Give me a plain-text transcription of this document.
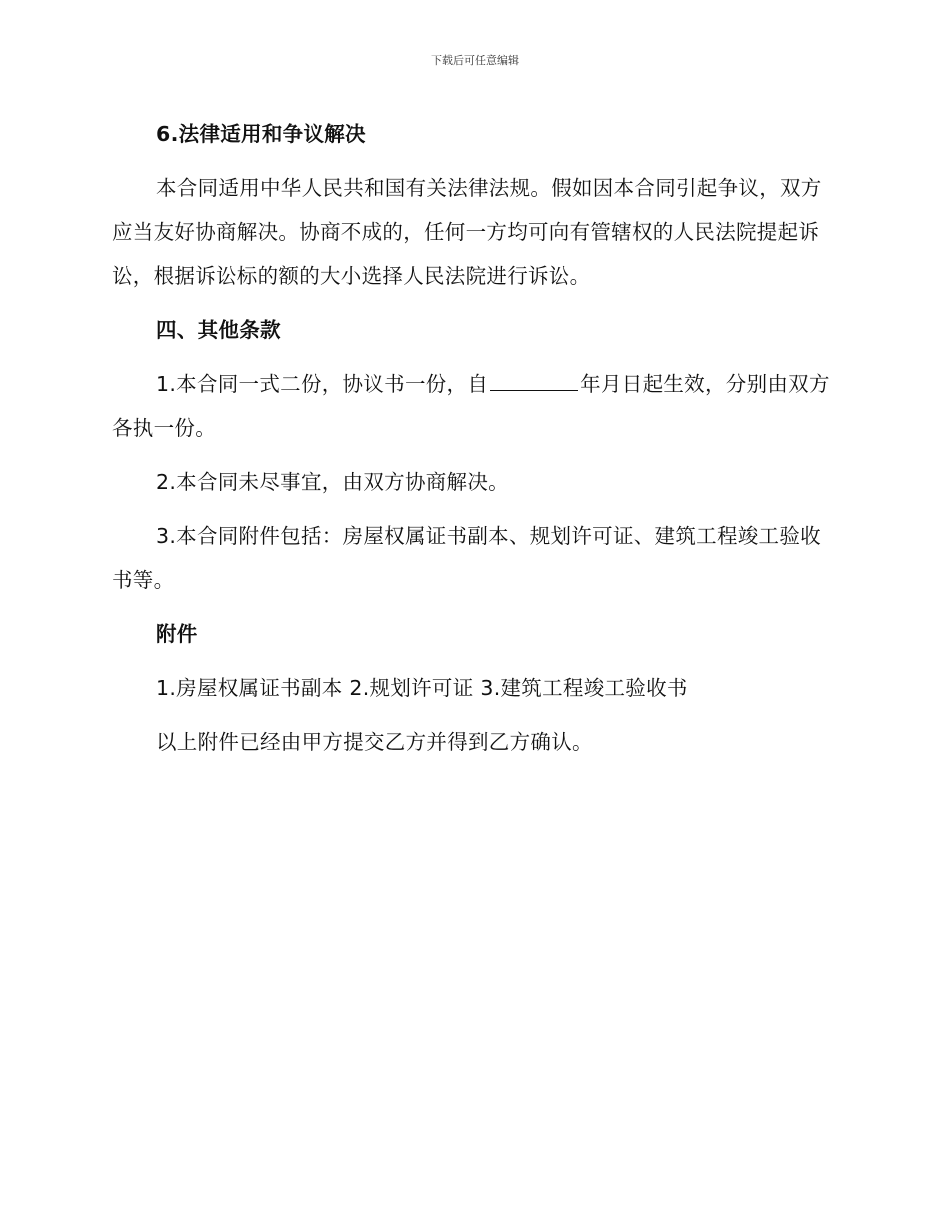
下载后可任意编辑

6.法律适用和争议解决

本合同适用中华人民共和国有关法律法规。假如因本合同引起争议，双方应当友好协商解决。协商不成的，任何一方均可向有管辖权的人民法院提起诉讼，根据诉讼标的额的大小选择人民法院进行诉讼。

四、其他条款

1.本合同一式二份，协议书一份，自	年月日起生效，分别由双方各执一份。

2.本合同未尽事宜，由双方协商解决。

3.本合同附件包括：房屋权属证书副本、规划许可证、建筑工程竣工验收书等。

附件

1.房屋权属证书副本 2.规划许可证 3.建筑工程竣工验收书

以上附件已经由甲方提交乙方并得到乙方确认。
